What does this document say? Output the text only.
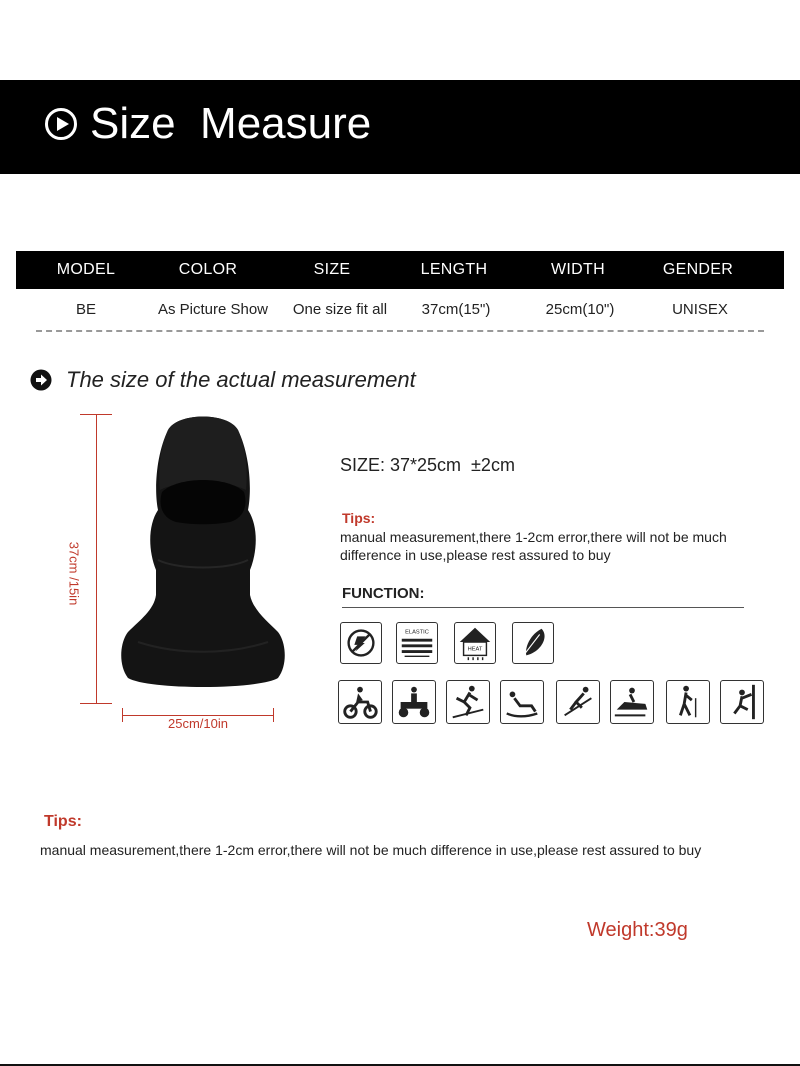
Size  Measure
MODEL	COLOR	SIZE	LENGTH	WIDTH	GENDER
BE	As Picture Show	One size fit all	37cm(15")	25cm(10")	UNISEX
The size of the actual measurement
37cm /15in
25cm/10in
SIZE: 37*25cm  ±2cm
Tips:
manual measurement,there 1-2cm error,there will not be much difference in use,please rest assured to buy
FUNCTION:
ELASTIC
HEAT
Tips:
manual measurement,there 1-2cm error,there will not be much difference in use,please rest assured to buy
Weight:39g
